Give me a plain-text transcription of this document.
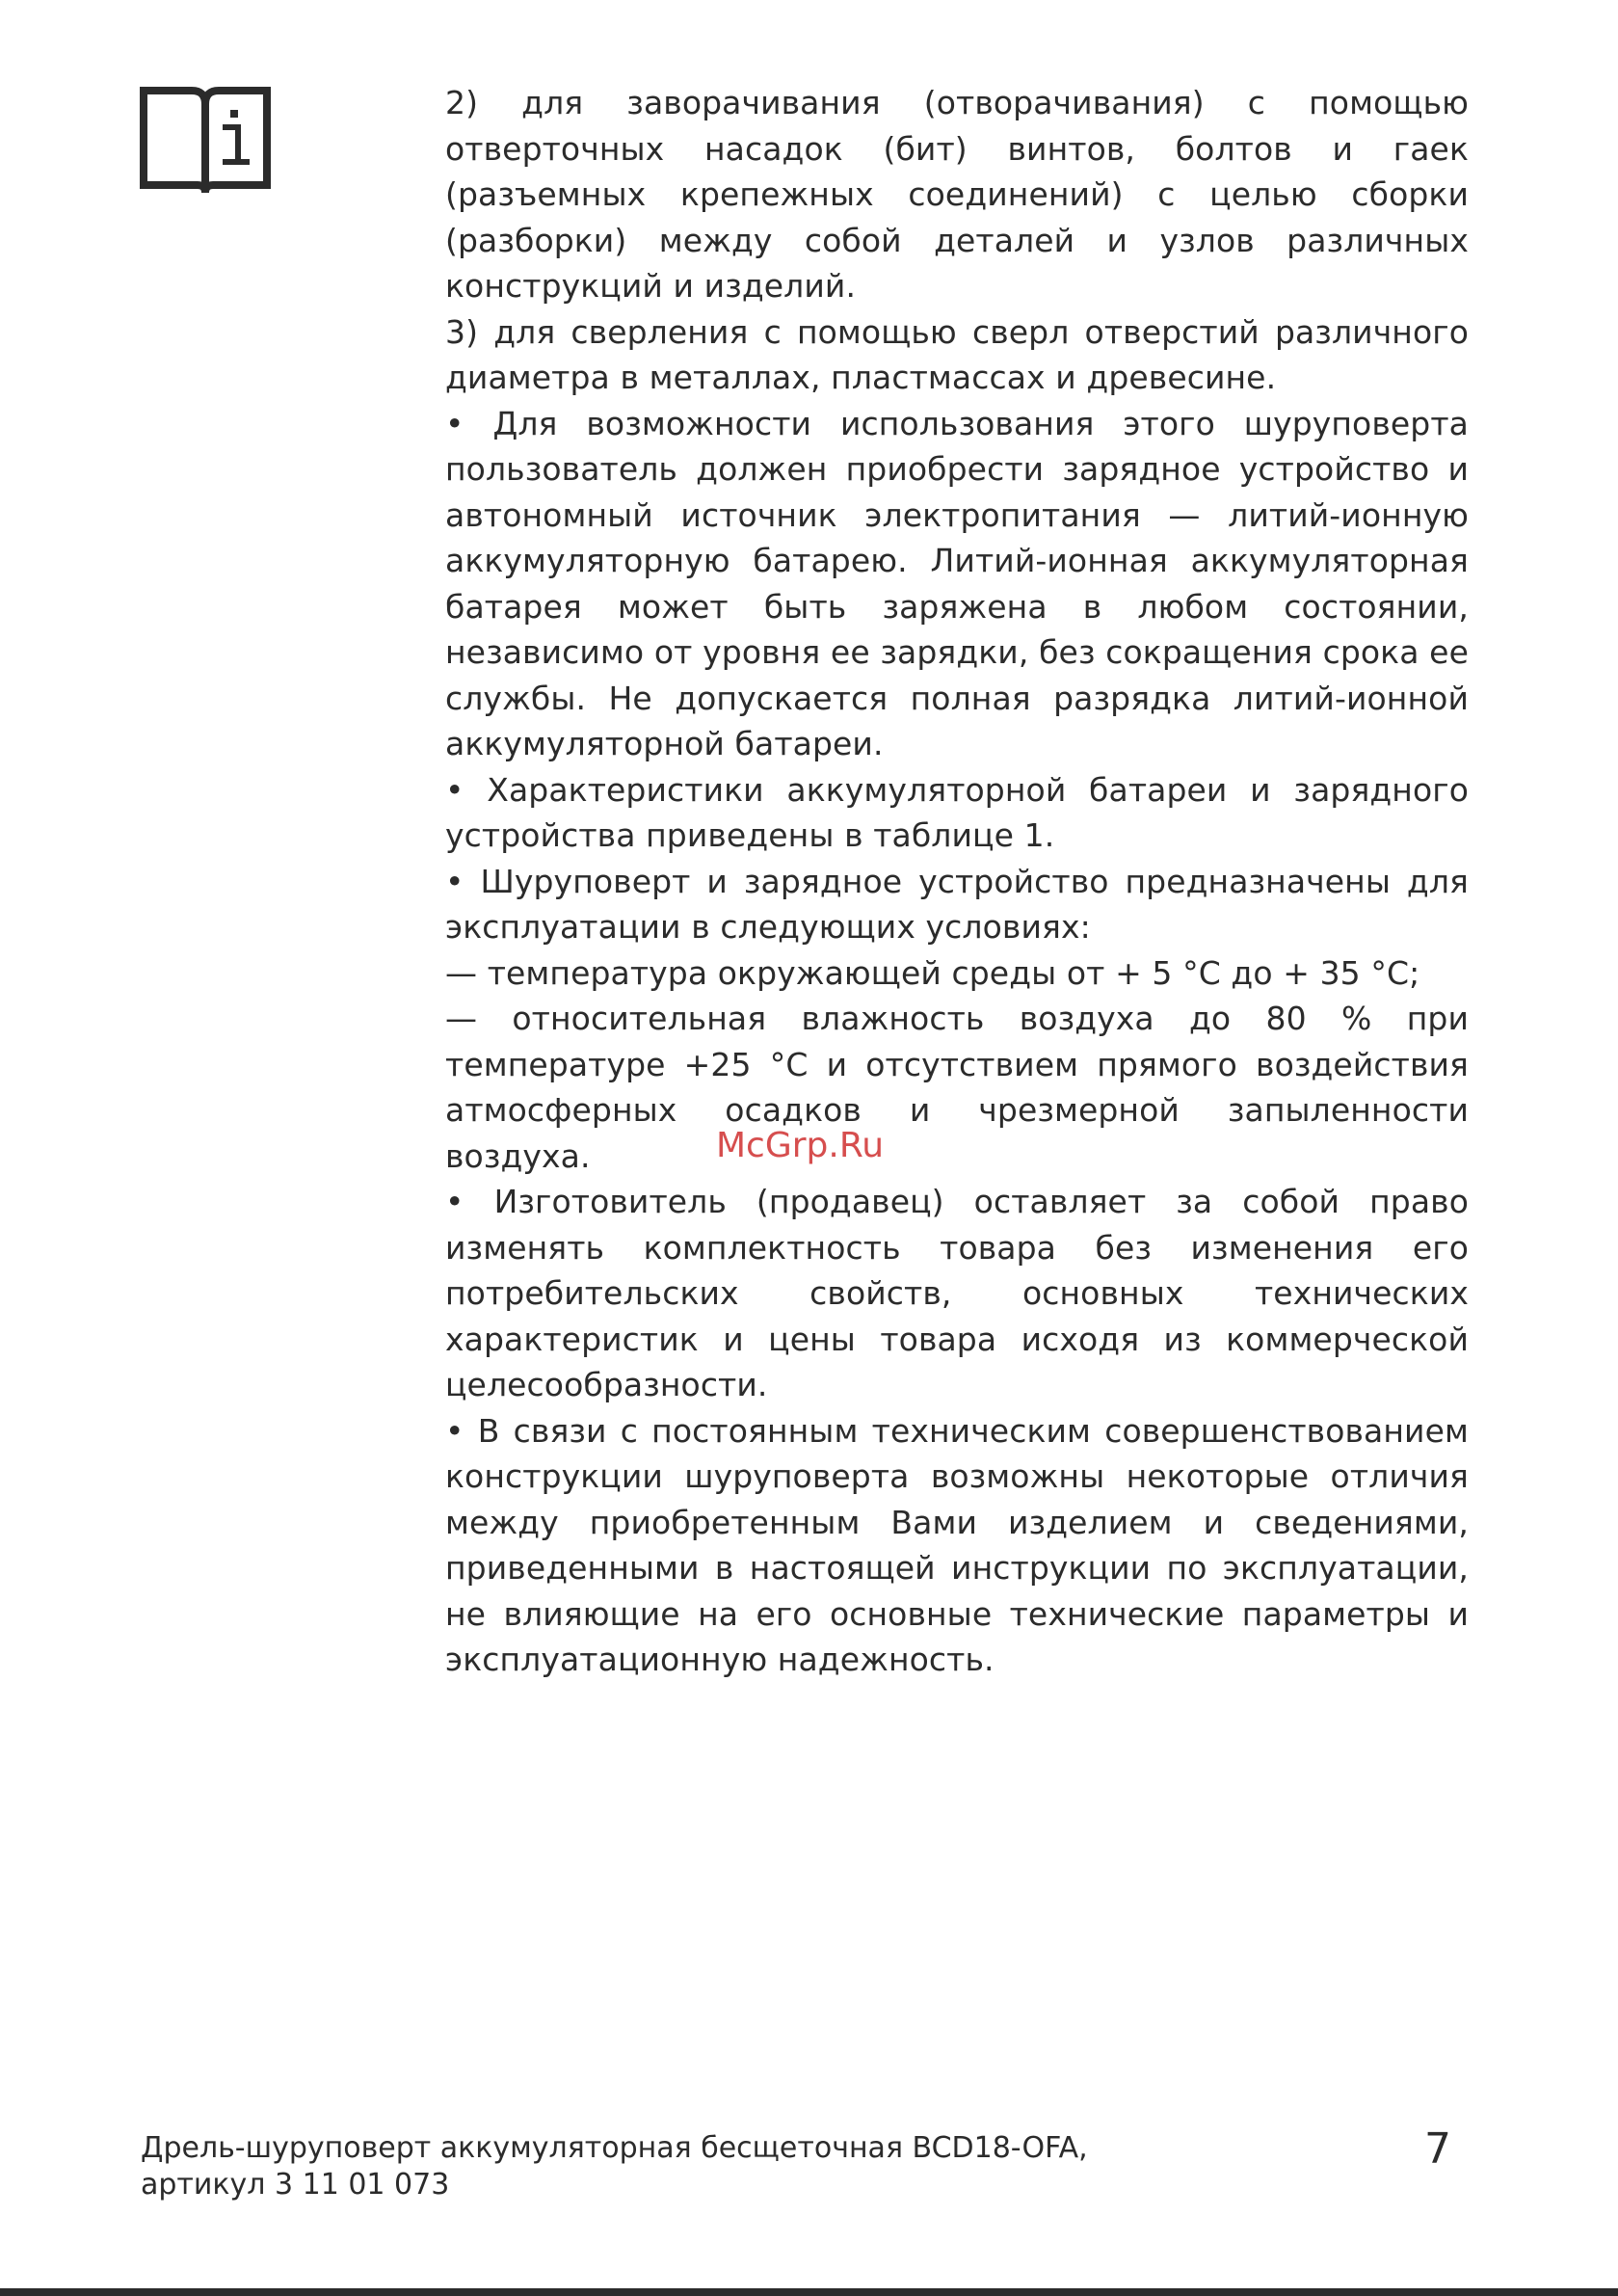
2) для заворачивания (отворачивания) с помощью отверточных насадок (бит) винтов, болтов и гаек (разъемных крепежных соединений) с целью сборки (разборки) между собой деталей и узлов различных конструкций и изделий.

3) для сверления с помощью сверл отверстий различного диаметра в металлах, пластмассах и древесине.

• Для возможности использования этого шуруповерта пользователь должен приобрести зарядное устройство и автономный источник электропитания — литий-ионную аккумуляторную батарею. Литий-ионная аккумуляторная батарея может быть заряжена в любом состоянии, независимо от уровня ее зарядки, без сокращения срока ее службы. Не допускается полная разрядка литий-ионной аккумуляторной батареи.

• Характеристики аккумуляторной батареи и зарядного устройства приведены в таблице 1.

• Шуруповерт и зарядное устройство предназначены для эксплуатации в следующих условиях:

— температура окружающей среды от + 5 °С до + 35 °С;

— относительная влажность воздуха до 80 % при температуре +25 °С и отсутствием прямого воздействия атмосферных осадков и чрезмерной запыленности воздуха.

• Изготовитель (продавец) оставляет за собой право изменять комплектность товара без изменения его потребительских свойств, основных технических характеристик и цены товара исходя из коммерческой целесообразности.

• В связи с постоянным техническим совершенствованием конструкции шуруповерта возможны некоторые отличия между приобретенным Вами изделием и сведениями, приведенными в настоящей инструкции по эксплуатации, не влияющие на его основные технические параметры и эксплуатационную надежность.

McGrp.Ru
Дрель-шуруповерт аккумуляторная бесщеточная BCD18-OFA,
артикул 3 11 01 073
7
